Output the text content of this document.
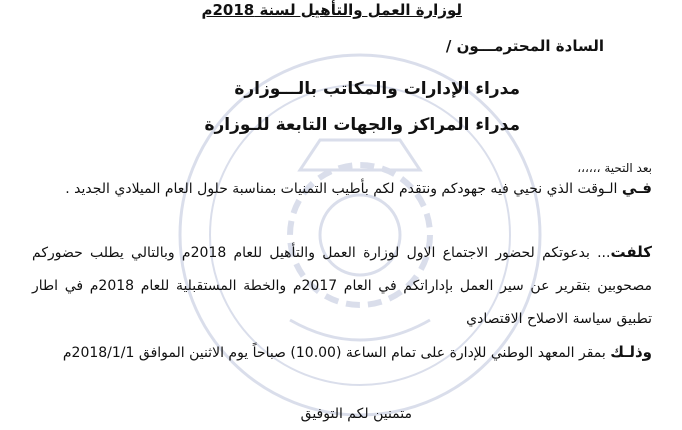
لوزارة العمل والتأهيل لسنة 2018م
السادة المحترمـــون /
مدراء الإدارات والمكاتب بالـــوزارة
مدراء المراكز والجهات التابعة للـوزارة
بعد التحية ،،،،،،
فـي الـوقت الذي نحيي فيه جهودكم ونتقدم لكم بأطيب التمنيات بمناسبة حلول العام الميلادي الجديد .
كلفت... بدعوتكم لحضور الاجتماع الاول لوزارة العمل والتأهيل للعام 2018م وبالتالي يطلب حضوركم مصحوبين بتقرير عن سير العمل بإداراتكم في العام 2017م والخطة المستقبلية للعام 2018م في اطار تطبيق سياسة الاصلاح الاقتصادي
وذلـك بمقر المعهد الوطني للإدارة على تمام الساعة (10.00) صباحاً يوم الاثنين الموافق 2018/1/1م
متمنين لكم التوفيق
